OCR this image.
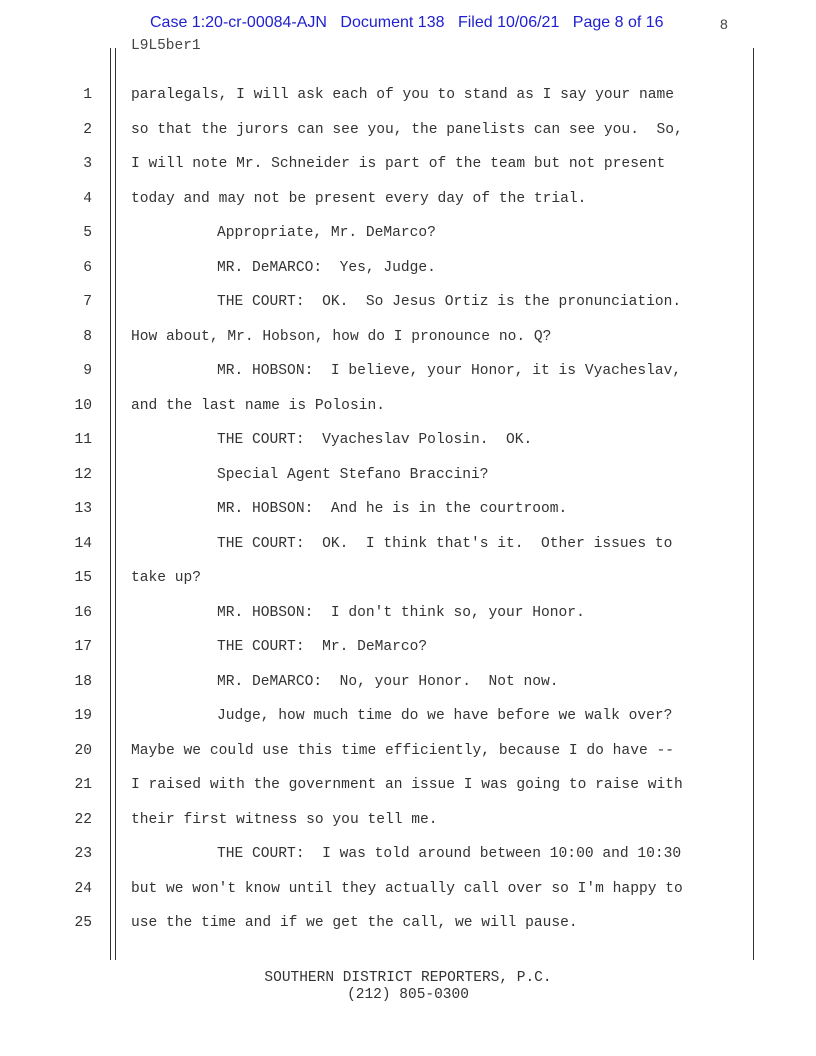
Case 1:20-cr-00084-AJN Document 138 Filed 10/06/21 Page 8 of 16	8
L9L5ber1
1	paralegals, I will ask each of you to stand as I say your name
2	so that the jurors can see you, the panelists can see you.  So,
3	I will note Mr. Schneider is part of the team but not present
4	today and may not be present every day of the trial.
5	Appropriate, Mr. DeMarco?
6	MR. DeMARCO:  Yes, Judge.
7	THE COURT:  OK.  So Jesus Ortiz is the pronunciation.
8	How about, Mr. Hobson, how do I pronounce no. Q?
9	MR. HOBSON:  I believe, your Honor, it is Vyacheslav,
10	and the last name is Polosin.
11	THE COURT:  Vyacheslav Polosin.  OK.
12	Special Agent Stefano Braccini?
13	MR. HOBSON:  And he is in the courtroom.
14	THE COURT:  OK.  I think that's it.  Other issues to
15	take up?
16	MR. HOBSON:  I don't think so, your Honor.
17	THE COURT:  Mr. DeMarco?
18	MR. DeMARCO:  No, your Honor.  Not now.
19	Judge, how much time do we have before we walk over?
20	Maybe we could use this time efficiently, because I do have --
21	I raised with the government an issue I was going to raise with
22	their first witness so you tell me.
23	THE COURT:  I was told around between 10:00 and 10:30
24	but we won't know until they actually call over so I'm happy to
25	use the time and if we get the call, we will pause.
SOUTHERN DISTRICT REPORTERS, P.C.
(212) 805-0300
